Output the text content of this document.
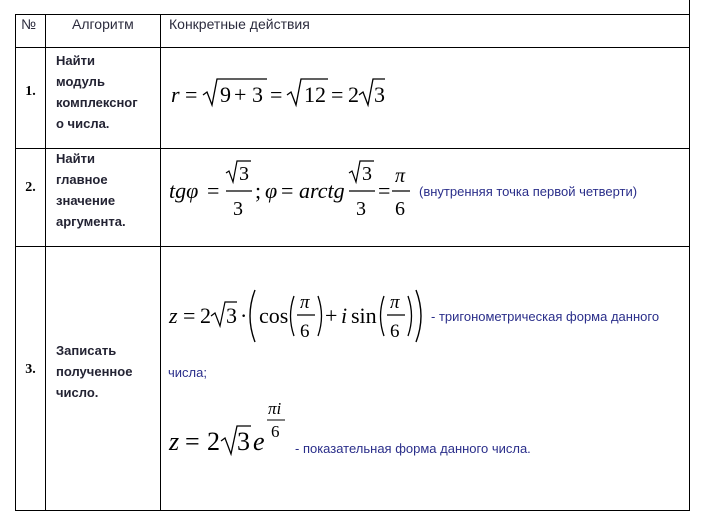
№	Алгоритм	Конкретные действия
1.
Найти
модуль
комплексног
о числа.
r = 9 + 3 = 12 = 2 3
2.
Найти
главное
значение
аргумента.
tgφ =
3
3
; φ = arctg
3
3
=
π
6
(внутренняя точка первой четверти)
3.
Записать
полученное
число.
z = 2 3 · cos
π
6
+ i sin
π
6
- тригонометрическая форма данного
числа;
z = 2 3 e
πi
6
- показательная форма данного числа.
